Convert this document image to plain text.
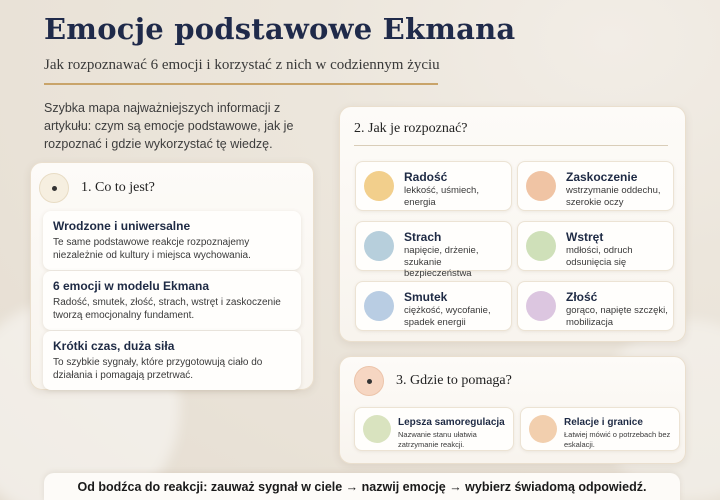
Emocje podstawowe Ekmana
Jak rozpoznawać 6 emocji i korzystać z nich w codziennym życiu

Szybka mapa najważniejszych informacji z artykułu: czym są emocje podstawowe, jak je rozpoznać i gdzie wykorzystać tę wiedzę.

1. Co to jest?
Wrodzone i uniwersalne
Te same podstawowe reakcje rozpoznajemy niezależnie od kultury i miejsca wychowania.
6 emocji w modelu Ekmana
Radość, smutek, złość, strach, wstręt i zaskoczenie tworzą emocjonalny fundament.
Krótki czas, duża siła
To szybkie sygnały, które przygotowują ciało do działania i pomagają przetrwać.
2. Jak je rozpoznać?
Radość
lekkość, uśmiech, energia
Zaskoczenie
wstrzymanie oddechu, szerokie oczy
Strach
napięcie, drżenie, szukanie bezpieczeństwa
Wstręt
mdłości, odruch odsunięcia się
Smutek
ciężkość, wycofanie, spadek energii
Złość
gorąco, napięte szczęki, mobilizacja
3. Gdzie to pomaga?
Lepsza samoregulacja
Nazwanie stanu ułatwia zatrzymanie reakcji.
Relacje i granice
Łatwiej mówić o potrzebach bez eskalacji.
Od bodźca do reakcji: zauważ sygnał w ciele → nazwij emocję → wybierz świadomą odpowiedź.
